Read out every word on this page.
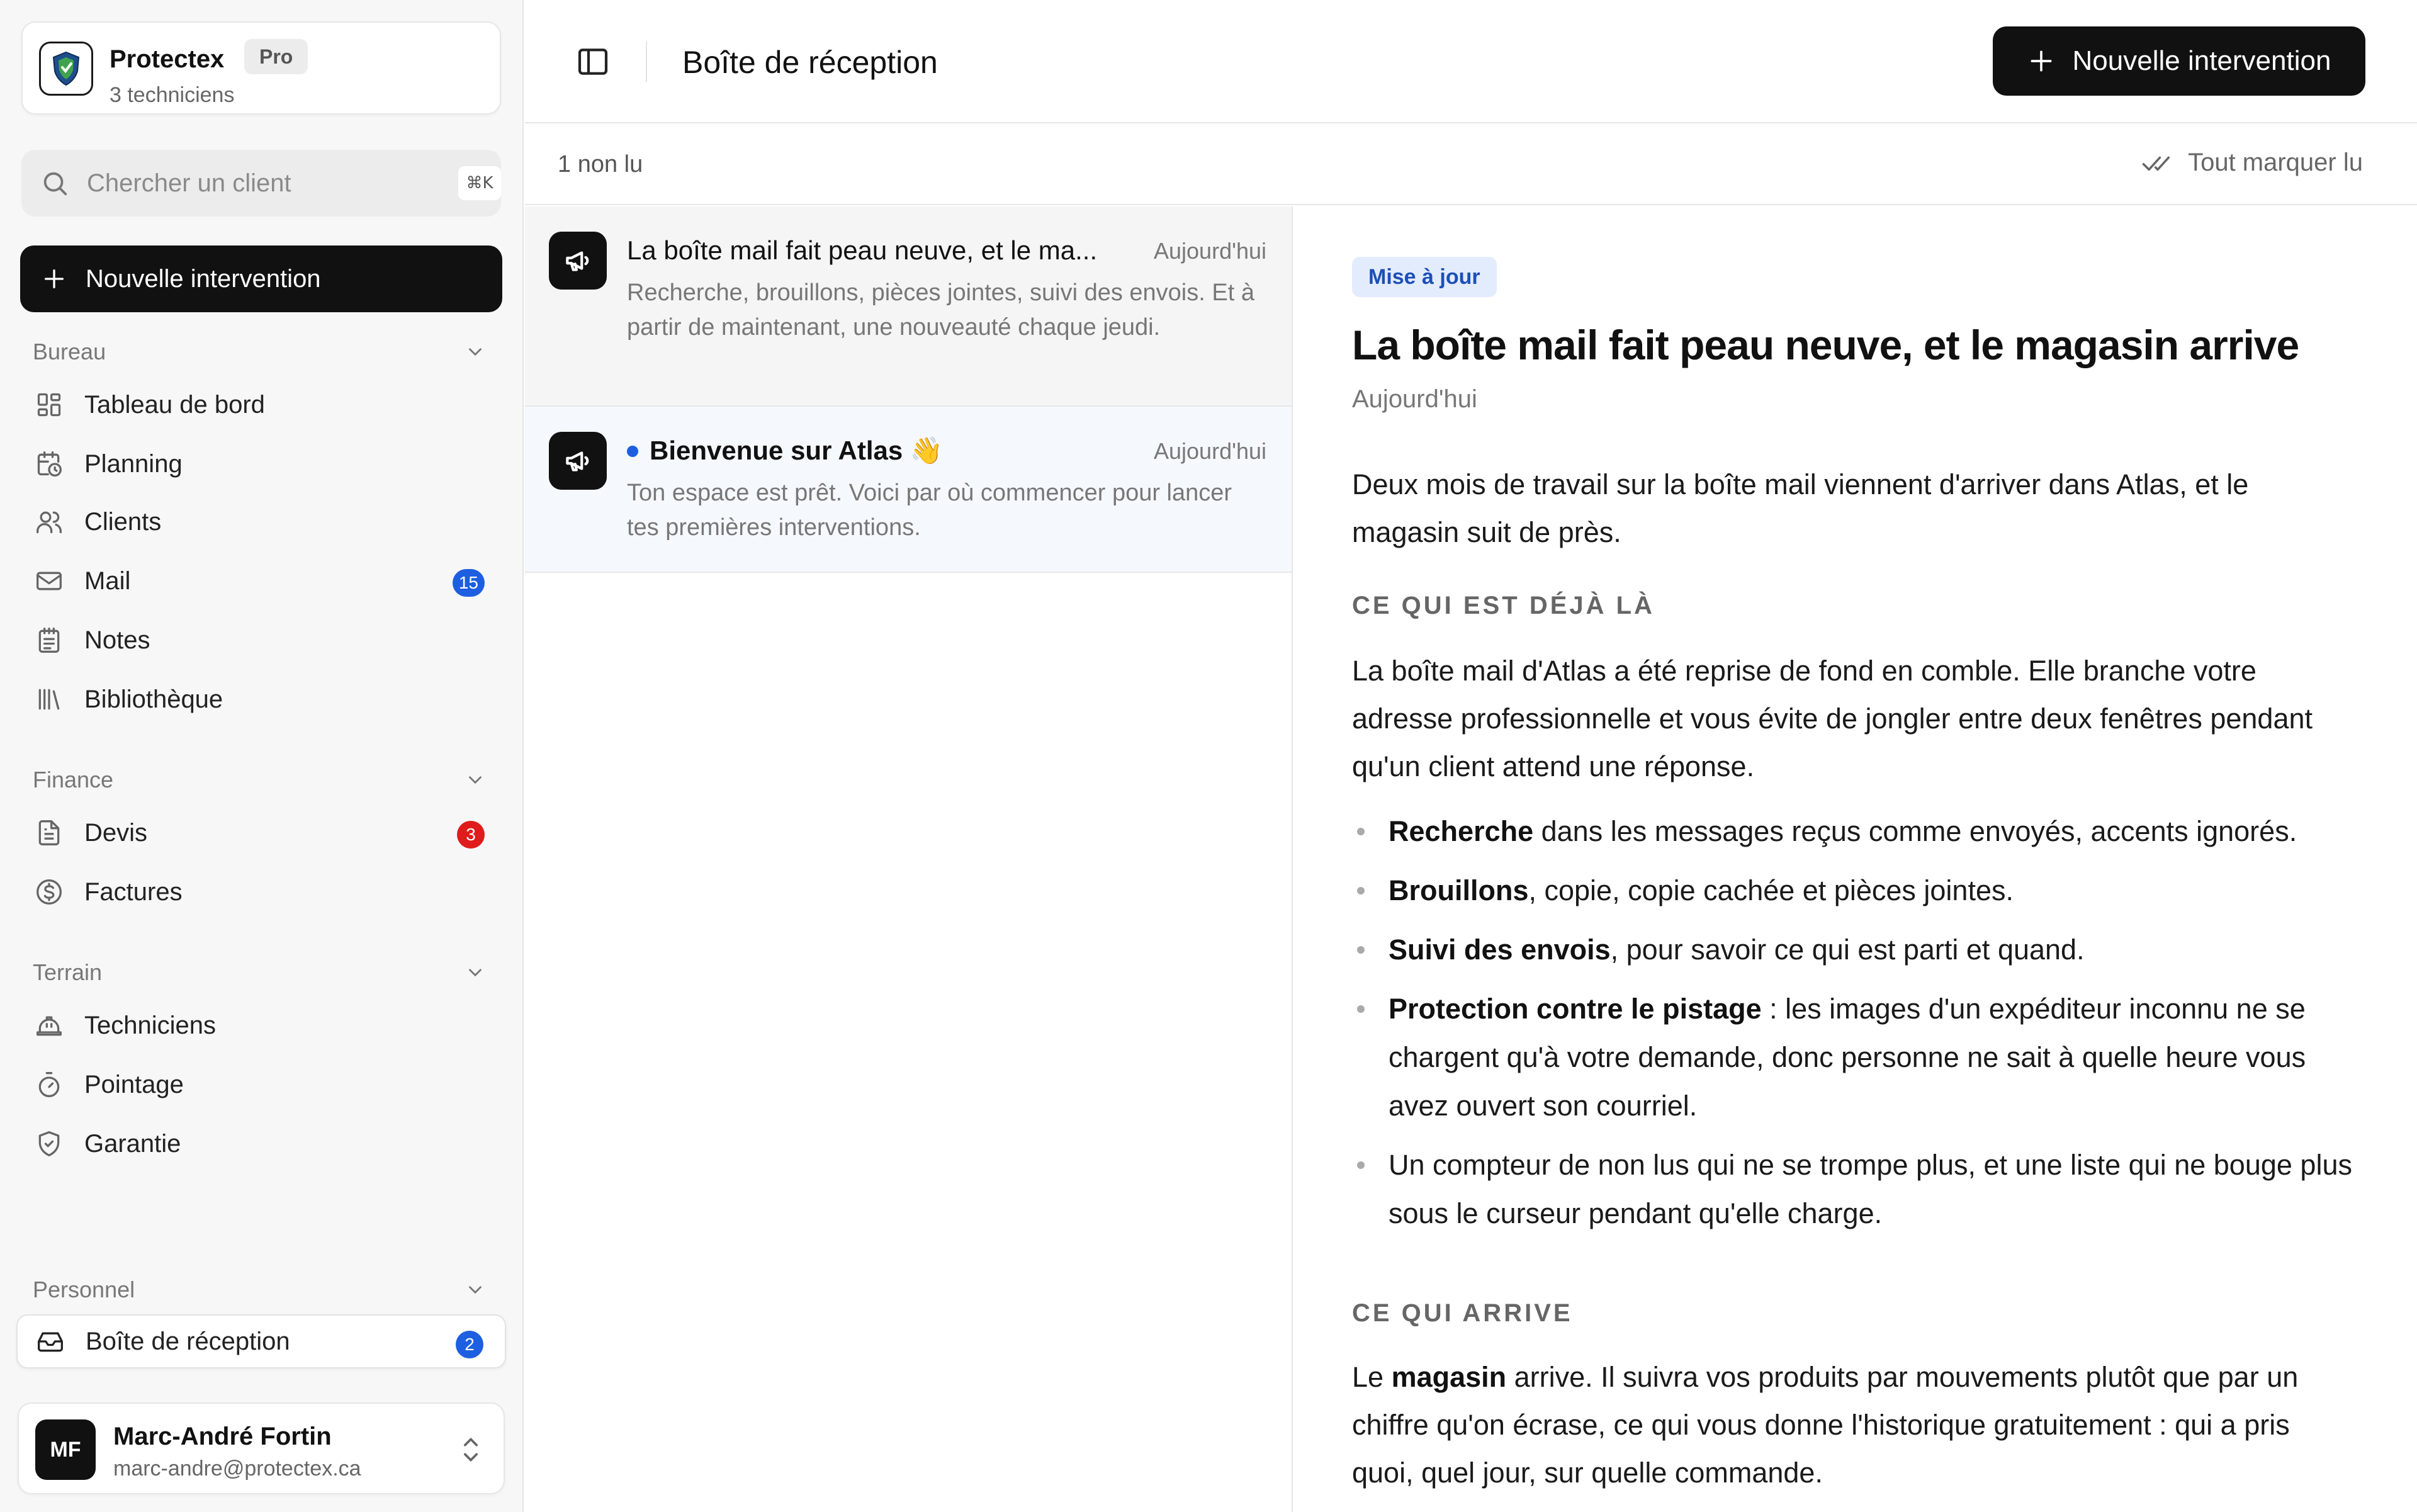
Protectex	Pro
3 techniciens
Chercher un client
⌘K
Nouvelle intervention
Bureau
Tableau de bord
Planning
Clients
Mail	15
Notes
Bibliothèque
Finance
Devis	3
Factures
Terrain
Techniciens
Pointage
Garantie
Personnel
Boîte de réception	2
MF	Marc-André Fortin
marc-andre@protectex.ca
Boîte de réception	Nouvelle intervention
1 non lu	Tout marquer lu
La boîte mail fait peau neuve, et le ma... Aujourd'hui
Recherche, brouillons, pièces jointes, suivi des envois. Et à partir de maintenant, une nouveauté chaque jeudi.
Bienvenue sur Atlas 👋	Aujourd'hui
Ton espace est prêt. Voici par où commencer pour lancer tes premières interventions.
Mise à jour
La boîte mail fait peau neuve, et le magasin arrive
Aujourd'hui

Deux mois de travail sur la boîte mail viennent d'arriver dans Atlas, et le magasin suit de près.

CE QUI EST DÉJÀ LÀ

La boîte mail d'Atlas a été reprise de fond en comble. Elle branche votre adresse professionnelle et vous évite de jongler entre deux fenêtres pendant qu'un client attend une réponse.

Recherche dans les messages reçus comme envoyés, accents ignorés.
Brouillons, copie, copie cachée et pièces jointes.
Suivi des envois, pour savoir ce qui est parti et quand.
Protection contre le pistage : les images d'un expéditeur inconnu ne se chargent qu'à votre demande, donc personne ne sait à quelle heure vous avez ouvert son courriel.
Un compteur de non lus qui ne se trompe plus, et une liste qui ne bouge plus sous le curseur pendant qu'elle charge.
CE QUI ARRIVE

Le magasin arrive. Il suivra vos produits par mouvements plutôt que par un chiffre qu'on écrase, ce qui vous donne l'historique gratuitement : qui a pris quoi, quel jour, sur quelle commande.
